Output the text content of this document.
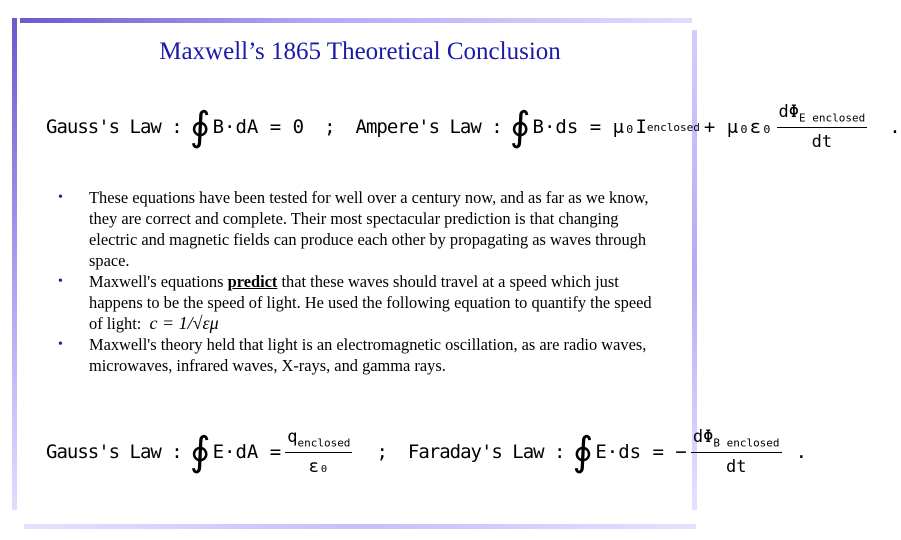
Maxwell’s 1865 Theoretical Conclusion
Gauss's Law : ∮ B·dA = 0 ; Ampere's Law : ∮ B·ds = μ₀I enclosed + $\mu_0\varepsilon_0 \frac{d\Phi_{E enclosed}}{dt}$ .
• These equations have been tested for well over a century now, and as far as we know, they are correct and complete. Their most spectacular prediction is that changing electric and magnetic fields can produce each other by propagating as waves through space.
• Maxwell's equations predict that these waves should travel at a speed which just happens to be the speed of light. He used the following equation to quantify the speed of light: c = 1/√εμ
• Maxwell's theory held that light is an electromagnetic oscillation, as are radio waves, microwaves, infrared waves, X-rays, and gamma rays.
Gauss's Law : ∮ $E\cdot dA = \frac{q_{enclosed}}{\text{ε₀}}$ ; Faraday's Law : ∮ E·ds = − $\frac{d\Phi_{B enclosed}}{dt}$ .
